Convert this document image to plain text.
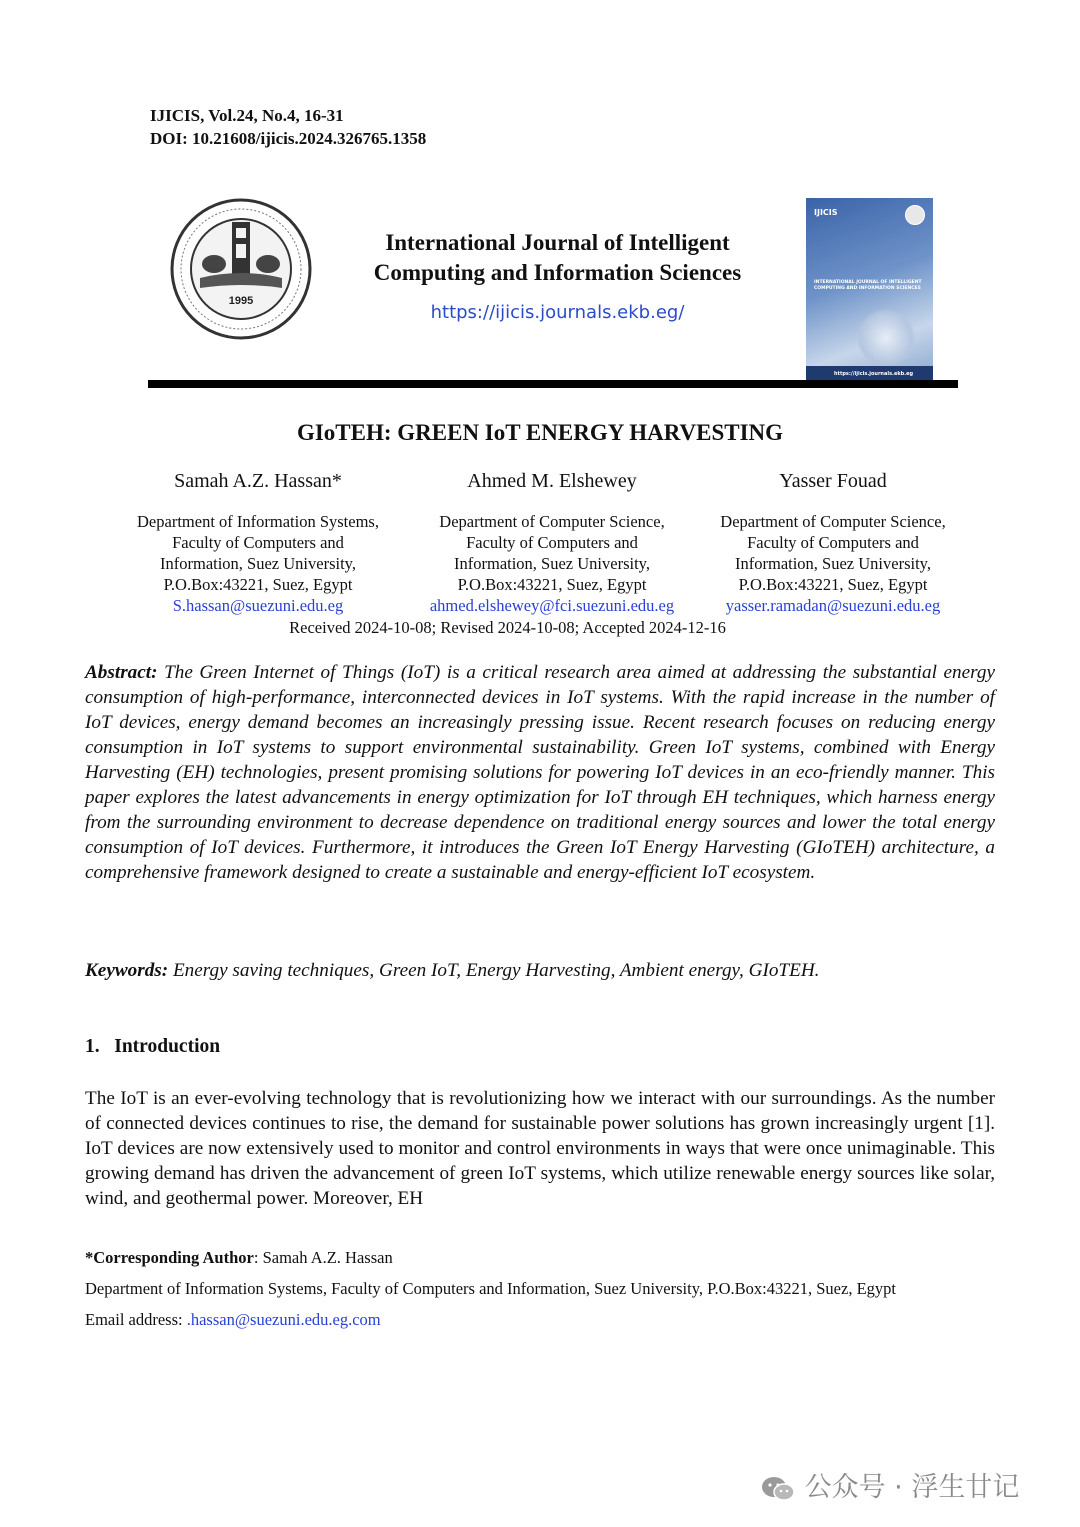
IJICIS, Vol.24, No.4, 16-31
DOI: 10.21608/ijicis.2024.326765.1358
1995
International Journal of Intelligent
Computing and Information Sciences
https://ijicis.journals.ekb.eg/
IJICIS
INTERNATIONAL JOURNAL OF INTELLIGENT
COMPUTING AND INFORMATION SCIENCES
https://ijicis.journals.ekb.eg
GIoTEH: GREEN IoT ENERGY HARVESTING
Samah A.Z. Hassan*	Ahmed M. Elshewey	Yasser Fouad
Department of Information Systems,
Faculty of Computers and
Information, Suez University,
P.O.Box:43221, Suez, Egypt
S.hassan@suezuni.edu.eg
Department of Computer Science,
Faculty of Computers and
Information, Suez University,
P.O.Box:43221, Suez, Egypt
ahmed.elshewey@fci.suezuni.edu.eg
Department of Computer Science,
Faculty of Computers and
Information, Suez University,
P.O.Box:43221, Suez, Egypt
yasser.ramadan@suezuni.edu.eg
Received 2024-10-08; Revised 2024-10-08; Accepted 2024-12-16
Abstract: The Green Internet of Things (IoT) is a critical research area aimed at addressing the substantial energy consumption of high-performance, interconnected devices in IoT systems. With the rapid increase in the number of IoT devices, energy demand becomes an increasingly pressing issue. Recent research focuses on reducing energy consumption in IoT systems to support environmental sustainability. Green IoT systems, combined with Energy Harvesting (EH) technologies, present promising solutions for powering IoT devices in an eco-friendly manner. This paper explores the latest advancements in energy optimization for IoT through EH techniques, which harness energy from the surrounding environment to decrease dependence on traditional energy sources and lower the total energy consumption of IoT devices. Furthermore, it introduces the Green IoT Energy Harvesting (GIoTEH) architecture, a comprehensive framework designed to create a sustainable and energy-efficient IoT ecosystem.
Keywords: Energy saving techniques, Green IoT, Energy Harvesting, Ambient energy, GIoTEH.
1.   Introduction
The IoT is an ever-evolving technology that is revolutionizing how we interact with our surroundings. As the number of connected devices continues to rise, the demand for sustainable power solutions has grown increasingly urgent [1]. IoT devices are now extensively used to monitor and control environments in ways that were once unimaginable. This growing demand has driven the advancement of green IoT systems, which utilize renewable energy sources like solar, wind, and geothermal power. Moreover, EH
*Corresponding Author: Samah A.Z. Hassan
Department of Information Systems, Faculty of Computers and Information, Suez University, P.O.Box:43221, Suez, Egypt
Email address: .hassan@suezuni.edu.eg.com
公众号 · 浮生廿记
